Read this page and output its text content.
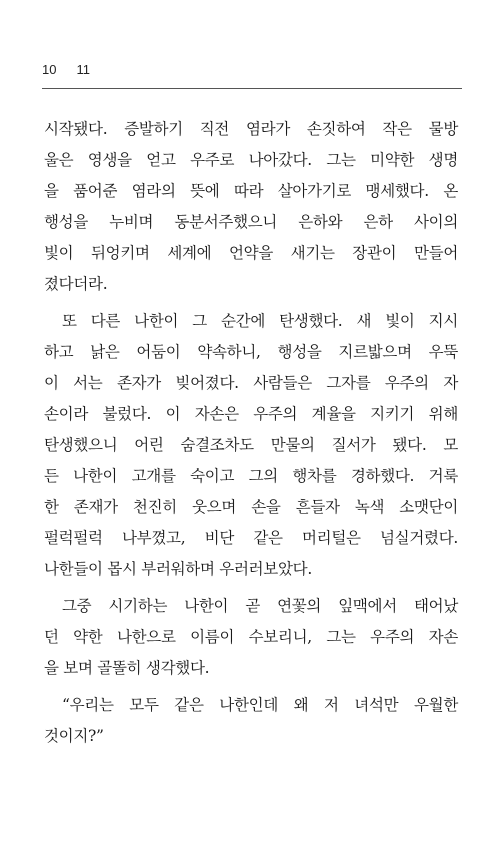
10 11
시작됐다. 증발하기 직전 염라가 손짓하여 작은 물방
울은 영생을 얻고 우주로 나아갔다. 그는 미약한 생명
을 품어준 염라의 뜻에 따라 살아가기로 맹세했다. 온
행성을 누비며 동분서주했으니 은하와 은하 사이의
빛이 뒤엉키며 세계에 언약을 새기는 장관이 만들어
졌다더라.
또 다른 나한이 그 순간에 탄생했다. 새 빛이 지시
하고 낡은 어둠이 약속하니, 행성을 지르밟으며 우뚝
이 서는 존자가 빚어졌다. 사람들은 그자를 우주의 자
손이라 불렀다. 이 자손은 우주의 계율을 지키기 위해
탄생했으니 어린 숨결조차도 만물의 질서가 됐다. 모
든 나한이 고개를 숙이고 그의 행차를 경하했다. 거룩
한 존재가 천진히 웃으며 손을 흔들자 녹색 소맷단이
펄럭펄럭 나부꼈고, 비단 같은 머리털은 넘실거렸다.
나한들이 몹시 부러워하며 우러러보았다.
그중 시기하는 나한이 곧 연꽃의 잎맥에서 태어났
던 약한 나한으로 이름이 수보리니, 그는 우주의 자손
을 보며 골똘히 생각했다.
“우리는 모두 같은 나한인데 왜 저 녀석만 우월한
것이지?”
